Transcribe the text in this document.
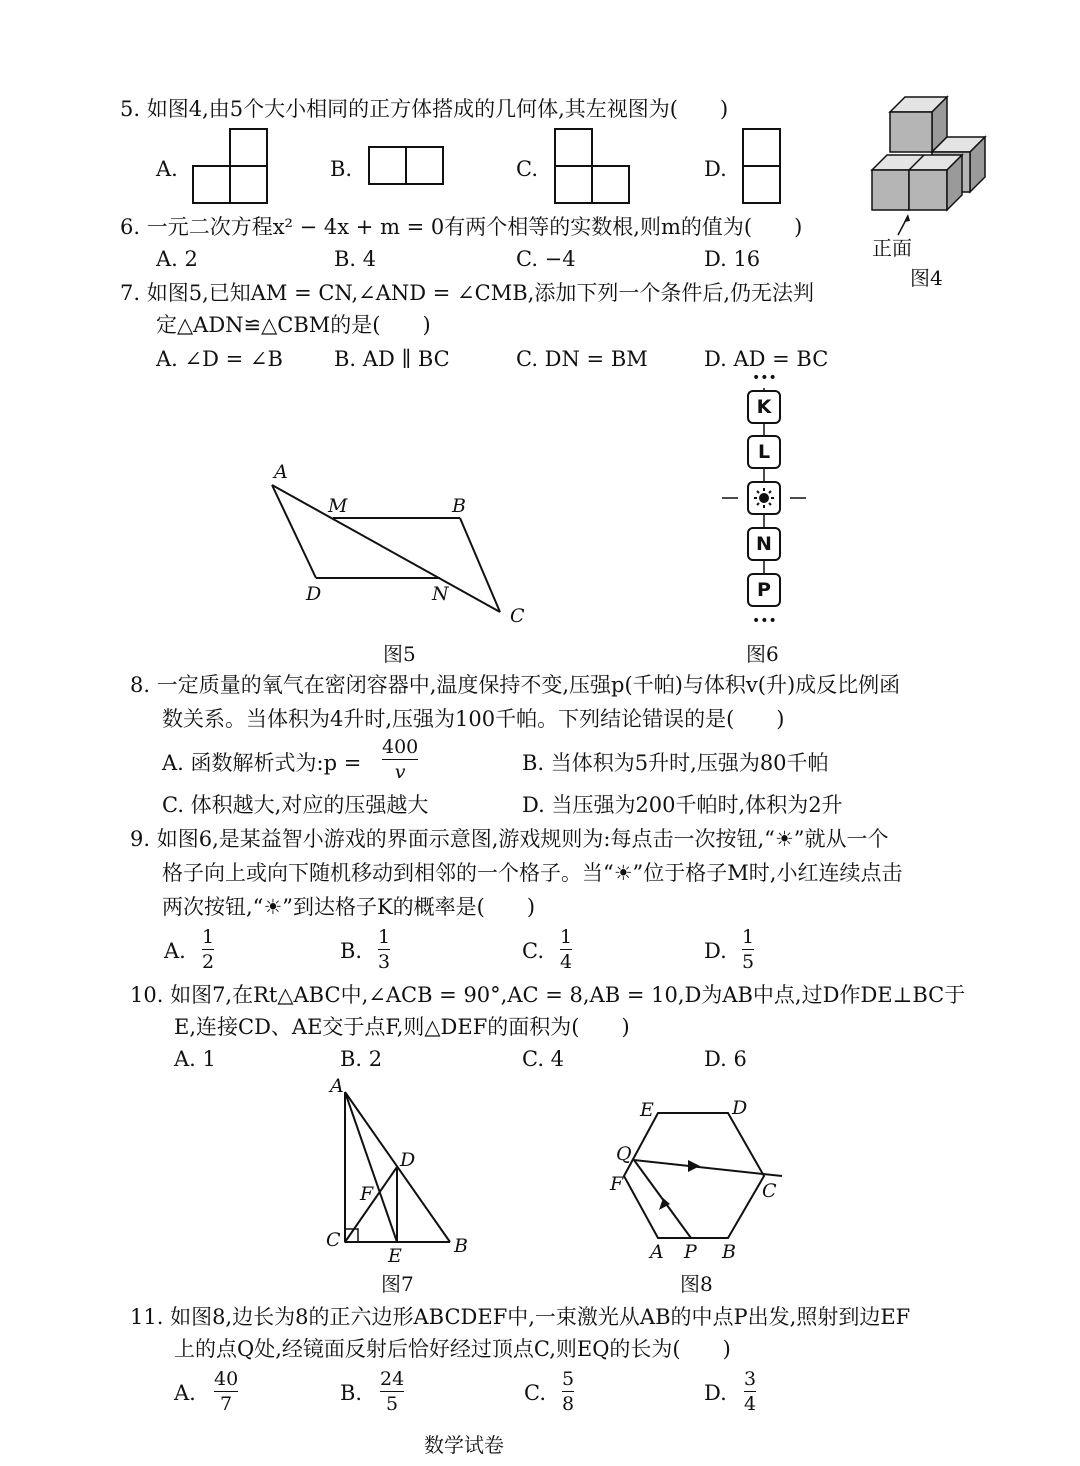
5. 如图4,由5个大小相同的正方体搭成的几何体,其左视图为(　　)
A.	B.	C.	D.
正面
图4
6. 一元二次方程x² − 4x + m = 0有两个相等的实数根,则m的值为(　　)
A. 2	B. 4	C. −4	D. 16
7. 如图5,已知AM = CN,∠AND = ∠CMB,添加下列一个条件后,仍无法判
定△ADN≌△CBM的是(　　)
A. ∠D = ∠B B. AD ∥ BC	C. DN = BM	D. AD = BC
A
M	B
D	N
C
图5
•••
K
L
N
P
•••
图6
8. 一定质量的氧气在密闭容器中,温度保持不变,压强p(千帕)与体积v(升)成反比例函
数关系。当体积为4升时,压强为100千帕。下列结论错误的是(　　)
A. 函数解析式为:p =
400
v	B. 当体积为5升时,压强为80千帕
C. 体积越大,对应的压强越大	D. 当压强为200千帕时,体积为2升
9. 如图6,是某益智小游戏的界面示意图,游戏规则为:每点击一次按钮,“☀”就从一个
格子向上或向下随机移动到相邻的一个格子。当“☀”位于格子M时,小红连续点击
两次按钮,“☀”到达格子K的概率是(　　)
A.
1
2	B.
1
3	C.
1
4	D.
1
5
10. 如图7,在Rt△ABC中,∠ACB = 90°,AC = 8,AB = 10,D为AB中点,过D作DE⊥BC于
E,连接CD、AE交于点F,则△DEF的面积为(　　)
A. 1	B. 2	C. 4	D. 6
A
D
F
C
E	B
图7
E	D
Q
F	C
A P B
图8
11. 如图8,边长为8的正六边形ABCDEF中,一束激光从AB的中点P出发,照射到边EF
上的点Q处,经镜面反射后恰好经过顶点C,则EQ的长为(　　)
A.
40
7	B.
24
5	C.
5
8	D.
3
4
数学试卷
